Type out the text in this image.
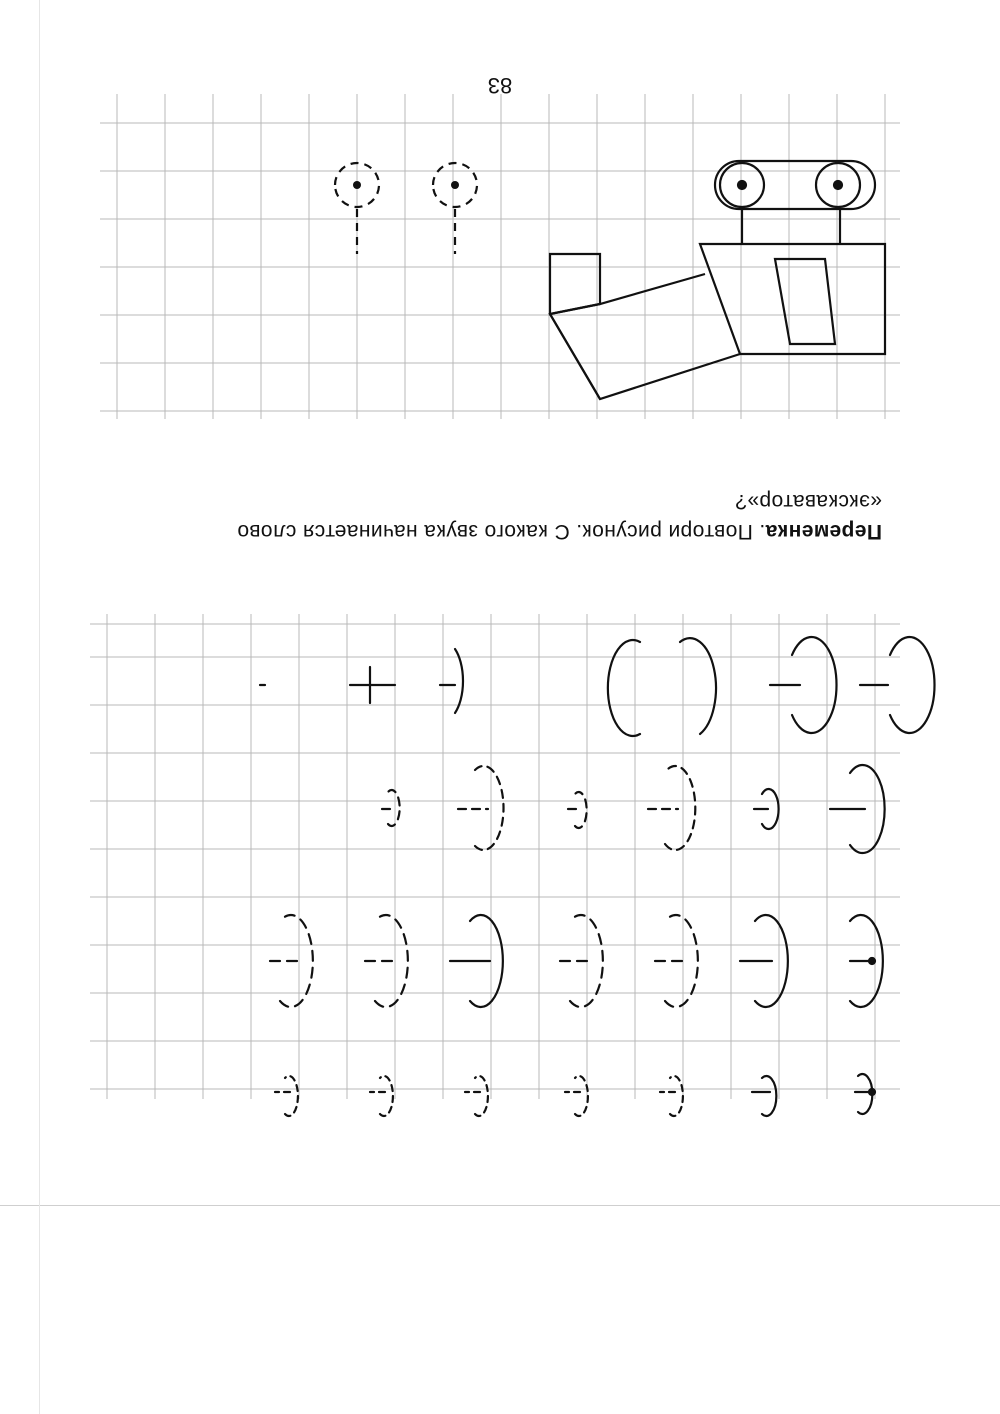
83
Переменка. Повтори рисунок. С какого звука начинается слово «экскаватор»?
